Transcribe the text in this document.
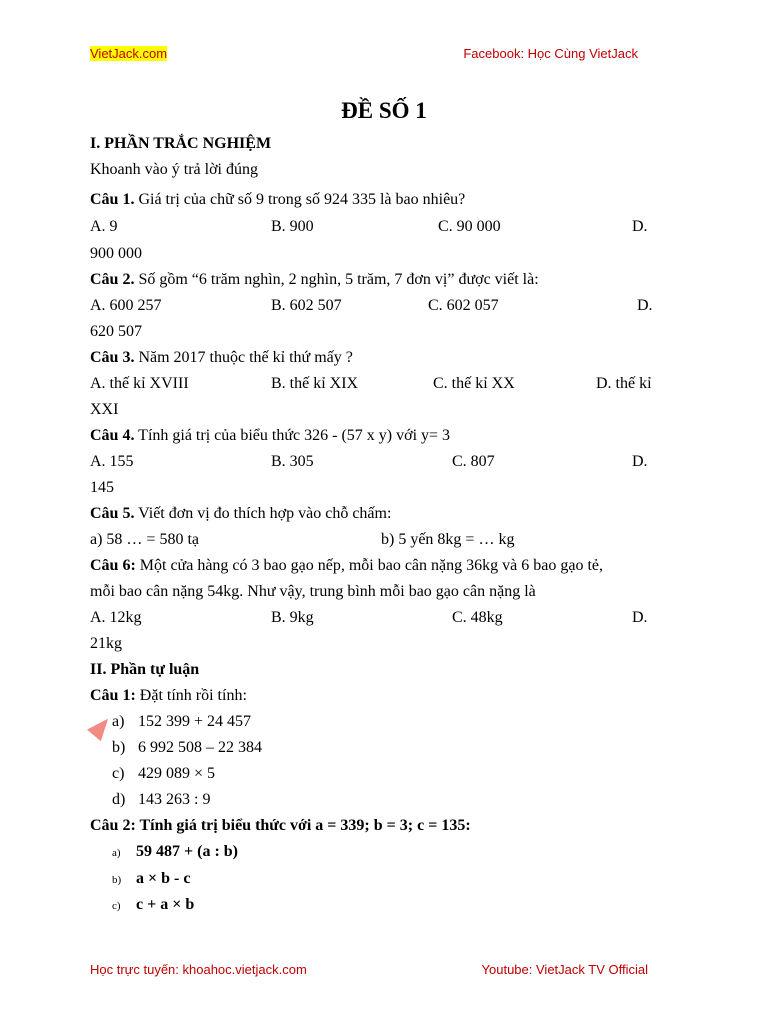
VietJack.com	Facebook: Học Cùng VietJack
ĐỀ SỐ 1
I. PHẦN TRẮC NGHIỆM
Khoanh vào ý trả lời đúng
Câu 1. Giá trị của chữ số 9 trong số 924 335 là bao nhiêu?
A. 9	B. 900	C. 90 000	D.
900 000
Câu 2. Số gồm “6 trăm nghìn, 2 nghìn, 5 trăm, 7 đơn vị” được viết là:
A. 600 257	B. 602 507	C. 602 057	D.
620 507
Câu 3. Năm 2017 thuộc thế kỉ thứ mấy ?
A. thế kỉ XVIII	B. thế kỉ XIX	C. thế kỉ XX	D. thế kỉ
XXI
Câu 4. Tính giá trị của biểu thức 326 - (57 x y) với y= 3
A. 155	B. 305	C. 807	D.
145
Câu 5. Viết đơn vị đo thích hợp vào chỗ chấm:
a) 58 … = 580 tạ	b) 5 yến 8kg = … kg
Câu 6: Một cửa hàng có 3 bao gạo nếp, mỗi bao cân nặng 36kg và 6 bao gạo tẻ,
mỗi bao cân nặng 54kg. Như vậy, trung bình mỗi bao gạo cân nặng là
A. 12kg	B. 9kg	C. 48kg	D.
21kg
II. Phần tự luận
Câu 1: Đặt tính rồi tính:
a) 152 399 + 24 457
b) 6 992 508 – 22 384
c) 429 089 × 5
d) 143 263 : 9
Câu 2: Tính giá trị biểu thức với a = 339; b = 3; c = 135:
a) 59 487 + (a : b)
b) a × b - c
c) c + a × b
Học trực tuyến: khoahoc.vietjack.com	Youtube: VietJack TV Official
